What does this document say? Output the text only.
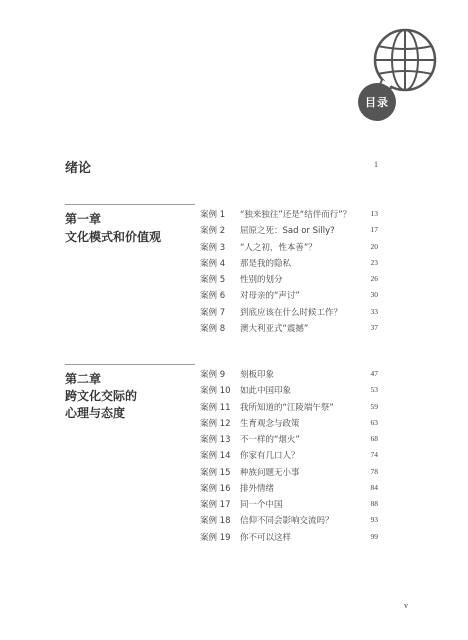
目录
绪论	1
第一章
文化模式和价值观
案例 1 “独来独往”还是“结伴而行”？	13
案例 2 屈原之死：Sad or Silly?	17
案例 3 “人之初，性本善”？	20
案例 4 那是我的隐私	23
案例 5 性别的划分	26
案例 6 对母亲的“声讨”	30
案例 7 到底应该在什么时候工作？	33
案例 8 澳大利亚式“震撼”	37
第二章
跨文化交际的
心理与态度
案例 9 刻板印象	47
案例 10 如此中国印象	53
案例 11 我所知道的“江陵端午祭”	59
案例 12 生育观念与政策	63
案例 13 不一样的“烟火”	68
案例 14 你家有几口人？	74
案例 15 种族问题无小事	78
案例 16 排外情绪	84
案例 17 同一个中国	88
案例 18 信仰不同会影响交流吗？	93
案例 19 你不可以这样	99
v
